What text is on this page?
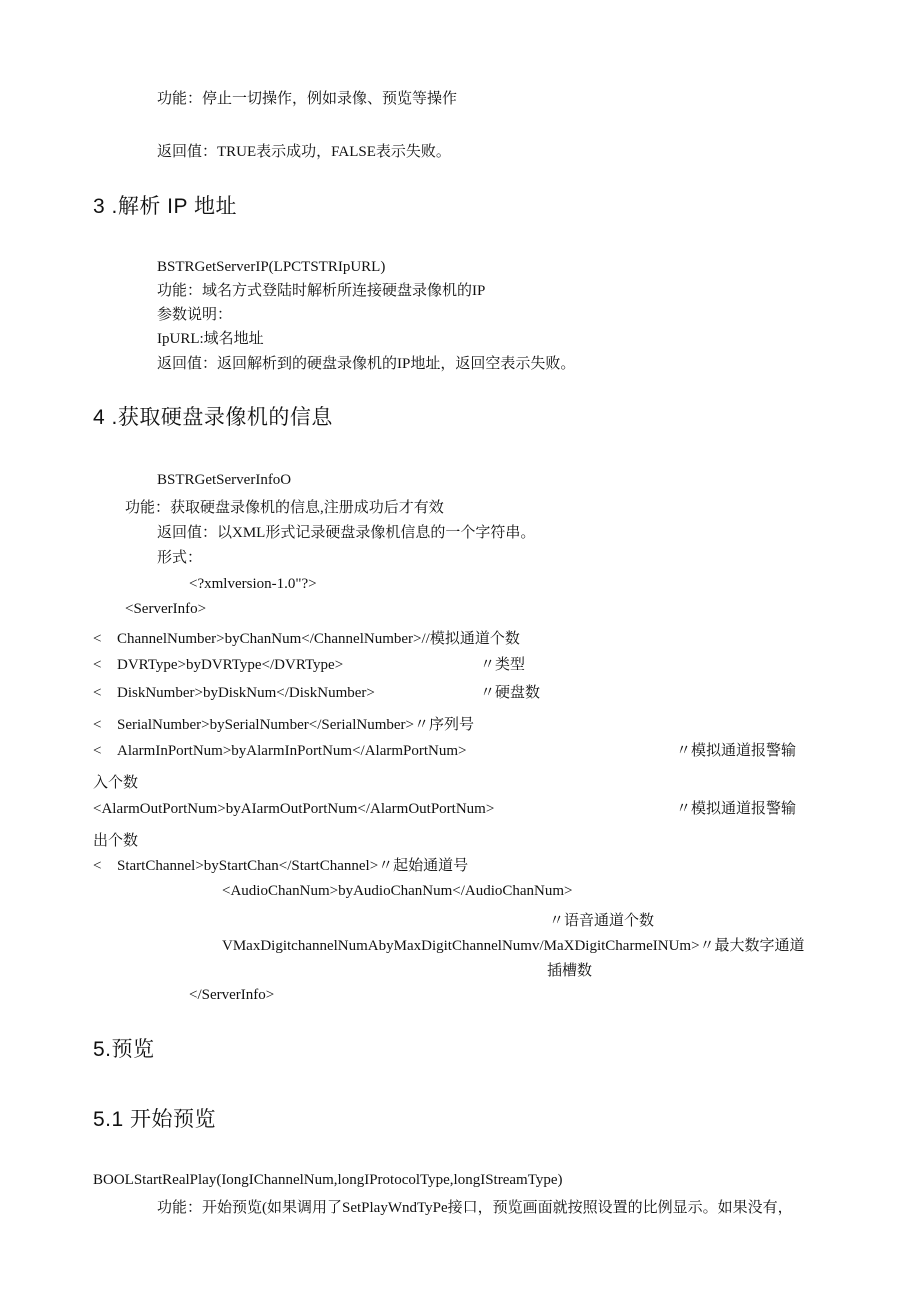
功能：停止一切操作，例如录像、预览等操作
返回值：TRUE表示成功，FALSE表示失败。
3 .解析 IP 地址
BSTRGetServerIP(LPCTSTRIpURL)
功能：域名方式登陆时解析所连接硬盘录像机的IP
参数说明：
IpURL:域名地址
返回值：返回解析到的硬盘录像机的IP地址，返回空表示失败。
4 .获取硬盘录像机的信息
BSTRGetServerInfoO
功能：获取硬盘录像机的信息,注册成功后才有效
返回值：以XML形式记录硬盘录像机信息的一个字符串。
形式：
<?xmlversion-1.0"?>
<ServerInfo>
< ChannelNumber>byChanNum</ChannelNumber>//模拟通道个数
< DVRType>byDVRType</DVRType>	〃类型
< DiskNumber>byDiskNum</DiskNumber>	〃硬盘数
< SerialNumber>bySerialNumber</SerialNumber>〃序列号
< AlarmInPortNum>byAlarmInPortNum</AlarmPortNum>	〃模拟通道报警输
入个数
<AlarmOutPortNum>byAIarmOutPortNum</AlarmOutPortNum>	〃模拟通道报警输
出个数
< StartChannel>byStartChan</StartChannel>〃起始通道号
<AudioChanNum>byAudioChanNum</AudioChanNum>
〃语音通道个数
VMaxDigitchannelNumAbyMaxDigitChannelNumv/MaXDigitCharmeINUm>〃最大数字通道
插槽数
</ServerInfo>
5.预览
5.1 开始预览
BOOLStartRealPlay(IongIChannelNum,longIProtocolType,longIStreamType)
功能：开始预览(如果调用了SetPlayWndTyPe接口，预览画面就按照设置的比例显示。如果没有，
